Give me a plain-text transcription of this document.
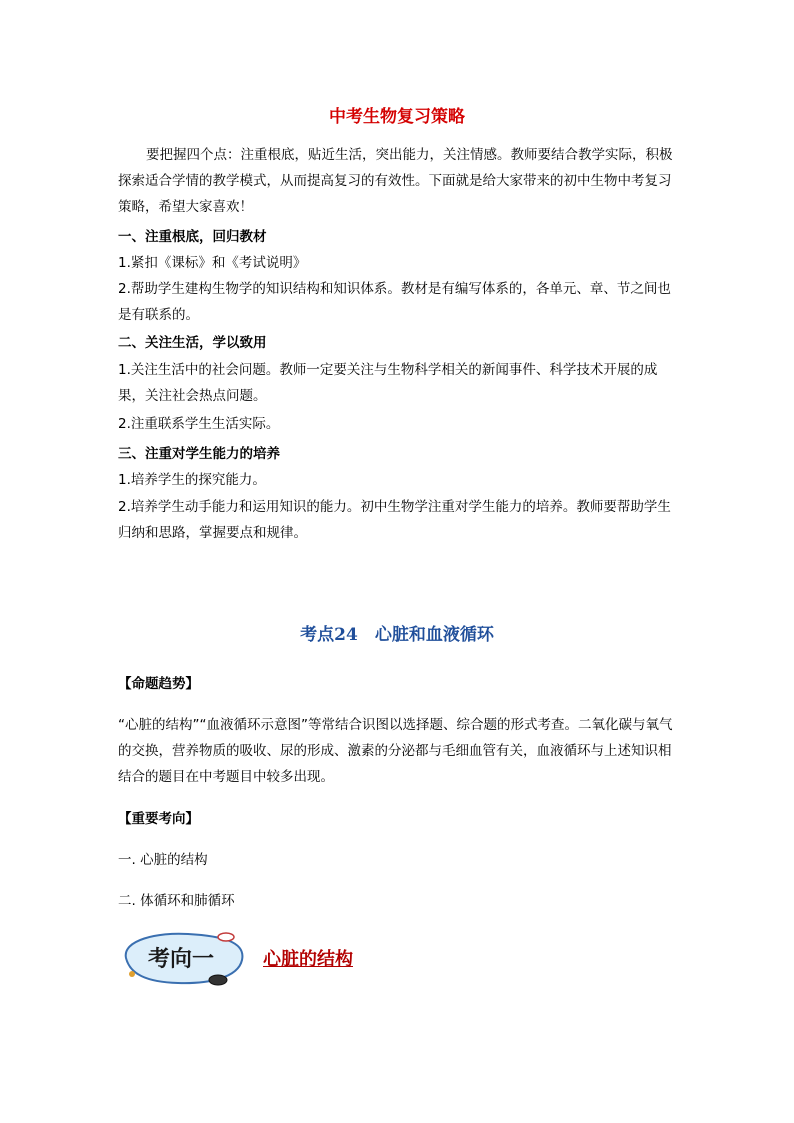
中考生物复习策略

要把握四个点：注重根底，贴近生活，突出能力，关注情感。教师要结合教学实际，积极探索适合学情的教学模式，从而提高复习的有效性。下面就是给大家带来的初中生物中考复习策略，希望大家喜欢！

一、注重根底，回归教材
1.紧扣《课标》和《考试说明》
2.帮助学生建构生物学的知识结构和知识体系。教材是有编写体系的，各单元、章、节之间也是有联系的。
二、关注生活，学以致用
1.关注生活中的社会问题。教师一定要关注与生物科学相关的新闻事件、科学技术开展的成果，关注社会热点问题。
2.注重联系学生生活实际。
三、注重对学生能力的培养
1.培养学生的探究能力。
2.培养学生动手能力和运用知识的能力。初中生物学注重对学生能力的培养。教师要帮助学生归纳和思路，掌握要点和规律。
考点24　心脏和血液循环
【命题趋势】

“心脏的结构”“血液循环示意图”等常结合识图以选择题、综合题的形式考查。二氧化碳与氧气的交换，营养物质的吸收、尿的形成、激素的分泌都与毛细血管有关，血液循环与上述知识相结合的题目在中考题目中较多出现。

【重要考向】
一. 心脏的结构
二. 体循环和肺循环
考向一	心脏的结构
